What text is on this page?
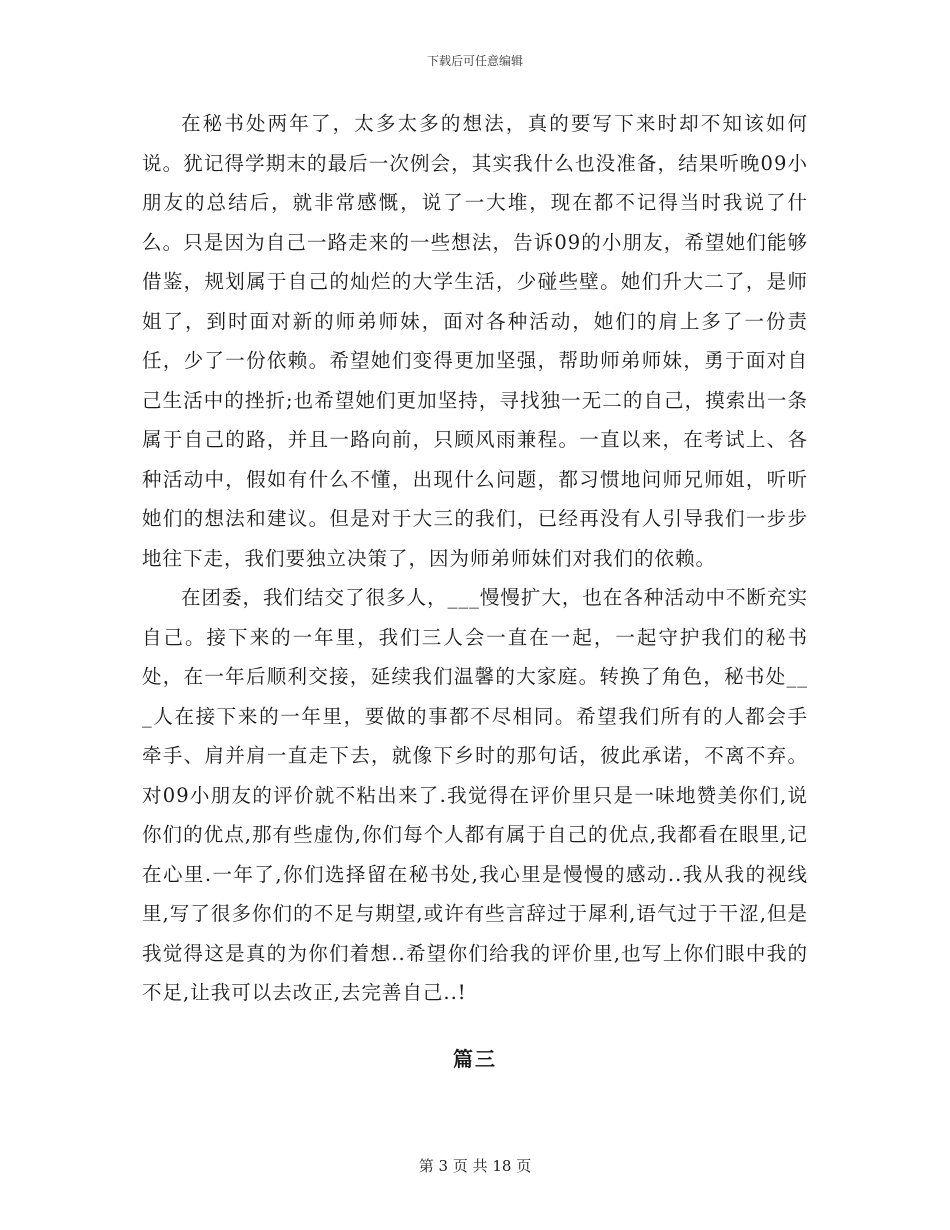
下载后可任意编辑

在秘书处两年了，太多太多的想法，真的要写下来时却不知该如何说。犹记得学期末的最后一次例会，其实我什么也没准备，结果听晚09小朋友的总结后，就非常感慨，说了一大堆，现在都不记得当时我说了什么。只是因为自己一路走来的一些想法，告诉09的小朋友，希望她们能够借鉴，规划属于自己的灿烂的大学生活，少碰些壁。她们升大二了，是师姐了，到时面对新的师弟师妹，面对各种活动，她们的肩上多了一份责任，少了一份依赖。希望她们变得更加坚强，帮助师弟师妹，勇于面对自己生活中的挫折;也希望她们更加坚持，寻找独一无二的自己，摸索出一条属于自己的路，并且一路向前，只顾风雨兼程。一直以来，在考试上、各种活动中，假如有什么不懂，出现什么问题，都习惯地问师兄师姐，听听她们的想法和建议。但是对于大三的我们，已经再没有人引导我们一步步地往下走，我们要独立决策了，因为师弟师妹们对我们的依赖。

在团委，我们结交了很多人，___慢慢扩大，也在各种活动中不断充实自己。接下来的一年里，我们三人会一直在一起，一起守护我们的秘书处，在一年后顺利交接，延续我们温馨的大家庭。转换了角色，秘书处___人在接下来的一年里，要做的事都不尽相同。希望我们所有的人都会手牵手、肩并肩一直走下去，就像下乡时的那句话，彼此承诺，不离不弃。对09小朋友的评价就不粘出来了.我觉得在评价里只是一味地赞美你们,说你们的优点,那有些虚伪,你们每个人都有属于自己的优点,我都看在眼里,记在心里.一年了,你们选择留在秘书处,我心里是慢慢的感动..我从我的视线里,写了很多你们的不足与期望,或许有些言辞过于犀利,语气过于干涩,但是我觉得这是真的为你们着想..希望你们给我的评价里,也写上你们眼中我的不足,让我可以去改正,去完善自己..!

篇三
第 3 页 共 18 页
